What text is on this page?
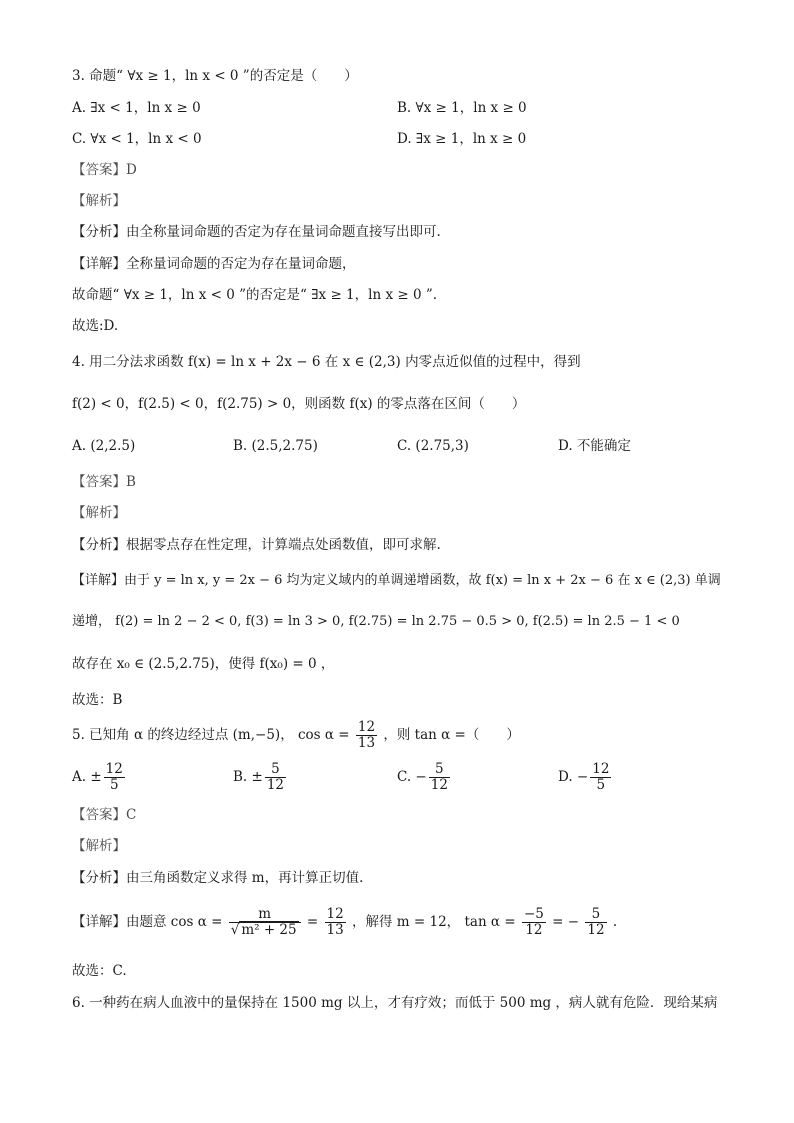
3. 命题“ ∀x ≥ 1，ln x < 0 ”的否定是（　　）
A. ∃x < 1，ln x ≥ 0	B. ∀x ≥ 1，ln x ≥ 0
C. ∀x < 1，ln x < 0	D. ∃x ≥ 1，ln x ≥ 0
【答案】D
【解析】
【分析】由全称量词命题的否定为存在量词命题直接写出即可.
【详解】全称量词命题的否定为存在量词命题，
故命题“ ∀x ≥ 1，ln x < 0 ”的否定是“ ∃x ≥ 1，ln x ≥ 0 ”.
故选:D.
4. 用二分法求函数 f(x) = ln x + 2x − 6 在 x ∈ (2,3) 内零点近似值的过程中，得到
f(2) < 0，f(2.5) < 0，f(2.75) > 0，则函数 f(x) 的零点落在区间（　　）
A. (2,2.5)	B. (2.5,2.75)	C. (2.75,3)	D. 不能确定
【答案】B
【解析】
【分析】根据零点存在性定理，计算端点处函数值，即可求解.
【详解】由于 y = ln x, y = 2x − 6 均为定义域内的单调递增函数，故 f(x) = ln x + 2x − 6 在 x ∈ (2,3) 单调
递增， f(2) = ln 2 − 2 < 0, f(3) = ln 3 > 0, f(2.75) = ln 2.75 − 0.5 > 0, f(2.5) = ln 2.5 − 1 < 0
故存在 x₀ ∈ (2.5,2.75)，使得 f(x₀) = 0 ，
故选：B
5. 已知角 α 的终边经过点 (m,−5)， $\cos \alpha = \frac{12}{13}$ ，则 tan α =（　　）
A. ± $\frac{12}{5}$	B. ± $\frac{5}{12}$	C. − $\frac{5}{12}$	D. − $\frac{12}{5}$
【答案】C
【解析】
【分析】由三角函数定义求得 m，再计算正切值.
【详解】由题意 $\cos \alpha = \frac{m}{\text{√ m² + 25}} = \frac{12}{13}$ ，解得 m = 12， $\tan \alpha = \frac{-5}{12}$ = − $\frac{5}{12}$ .
故选：C.
6. 一种药在病人血液中的量保持在 1500 mg 以上，才有疗效；而低于 500 mg ，病人就有危险．现给某病
